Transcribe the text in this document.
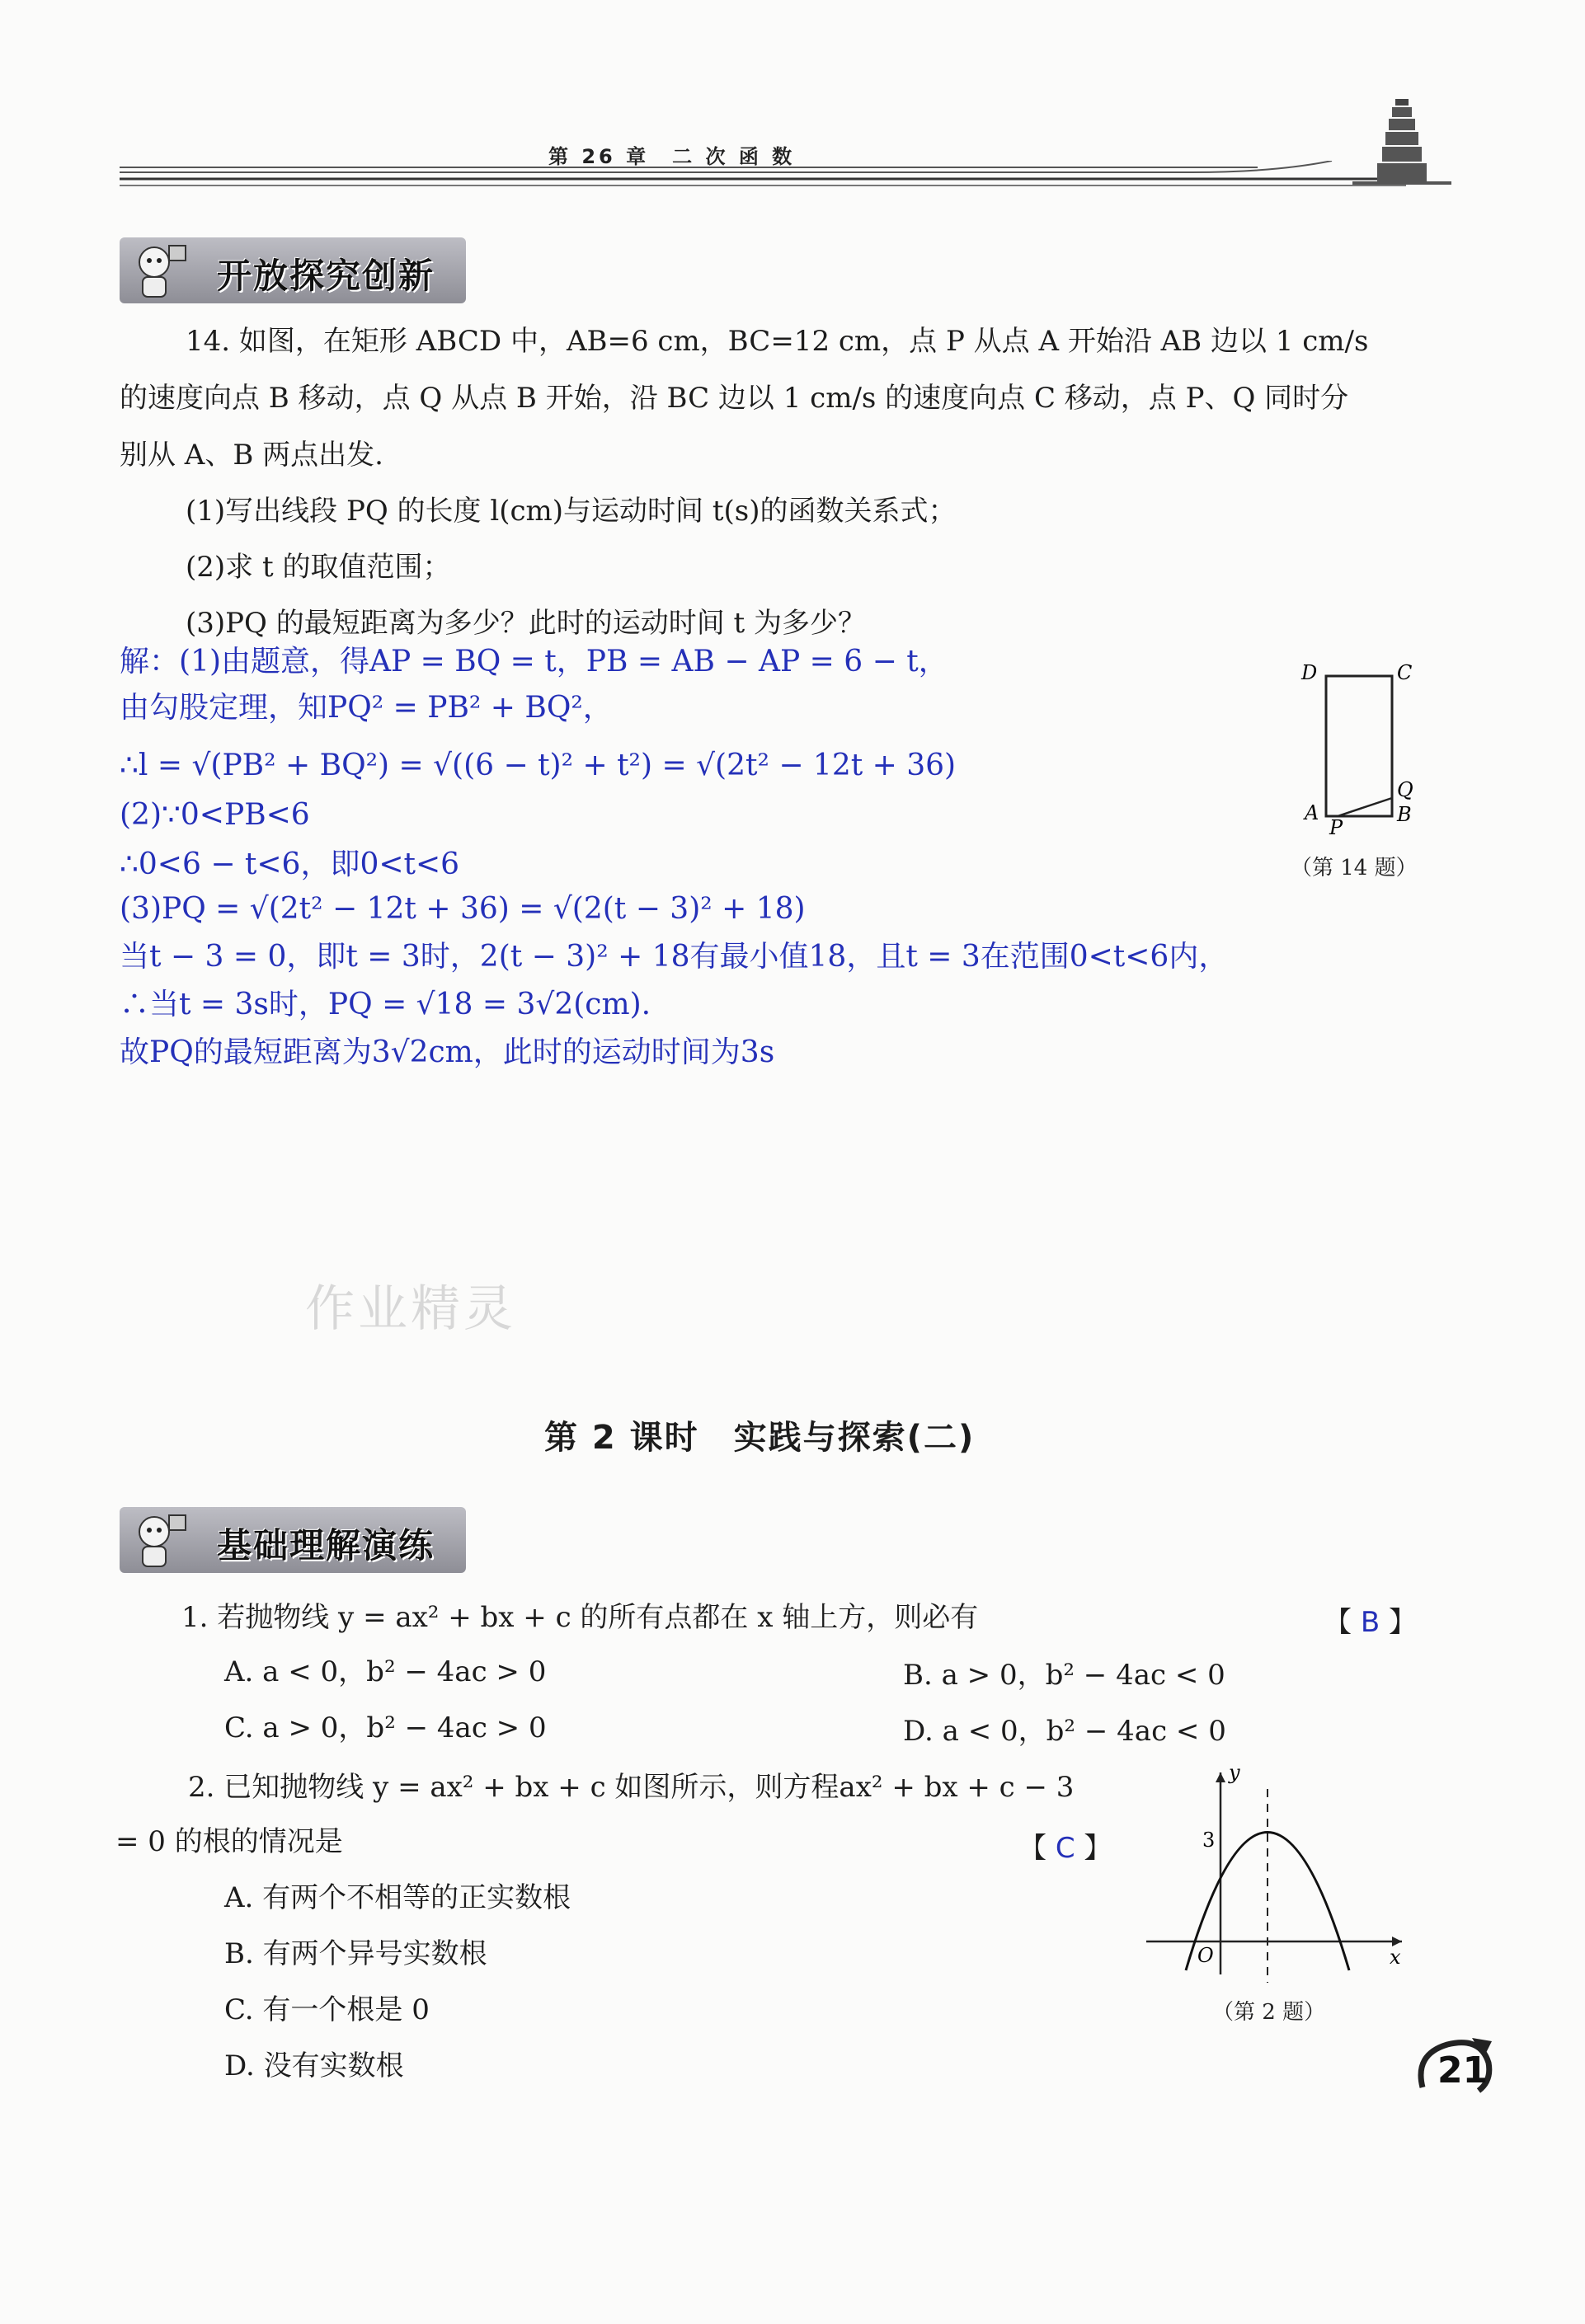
第 26 章　二 次 函 数
开放探究创新
14. 如图，在矩形 ABCD 中，AB=6 cm，BC=12 cm，点 P 从点 A 开始沿 AB 边以 1 cm/s
的速度向点 B 移动，点 Q 从点 B 开始，沿 BC 边以 1 cm/s 的速度向点 C 移动，点 P、Q 同时分
别从 A、B 两点出发.
(1)写出线段 PQ 的长度 l(cm)与运动时间 t(s)的函数关系式；
(2)求 t 的取值范围；
(3)PQ 的最短距离为多少？此时的运动时间 t 为多少？
解：(1)由题意，得AP = BQ = t，PB = AB − AP = 6 − t，
由勾股定理，知PQ² = PB² + BQ²，
∴l = √(PB² + BQ²) = √((6 − t)² + t²) = √(2t² − 12t + 36)
(2)∵0<PB<6
∴0<6 − t<6，即0<t<6
(3)PQ = √(2t² − 12t + 36) = √(2(t − 3)² + 18)
当t − 3 = 0，即t = 3时，2(t − 3)² + 18有最小值18，且t = 3在范围0<t<6内，
∴当t = 3s时，PQ = √18 = 3√2(cm).
故PQ的最短距离为3√2cm，此时的运动时间为3s
D	C
A
P
Q
B
（第 14 题）
作业精灵
第 2 课时　实践与探索(二)
基础理解演练
1. 若抛物线 y = ax² + bx + c 的所有点都在 x 轴上方，则必有	【 B 】
A. a < 0，b² − 4ac > 0	B. a > 0，b² − 4ac < 0
C. a > 0，b² − 4ac > 0	D. a < 0，b² − 4ac < 0
2. 已知抛物线 y = ax² + bx + c 如图所示，则方程ax² + bx + c − 3
= 0 的根的情况是	【 C 】
A. 有两个不相等的正实数根
B. 有两个异号实数根
C. 有一个根是 0
D. 没有实数根
y
x
O
3
（第 2 题）
21
